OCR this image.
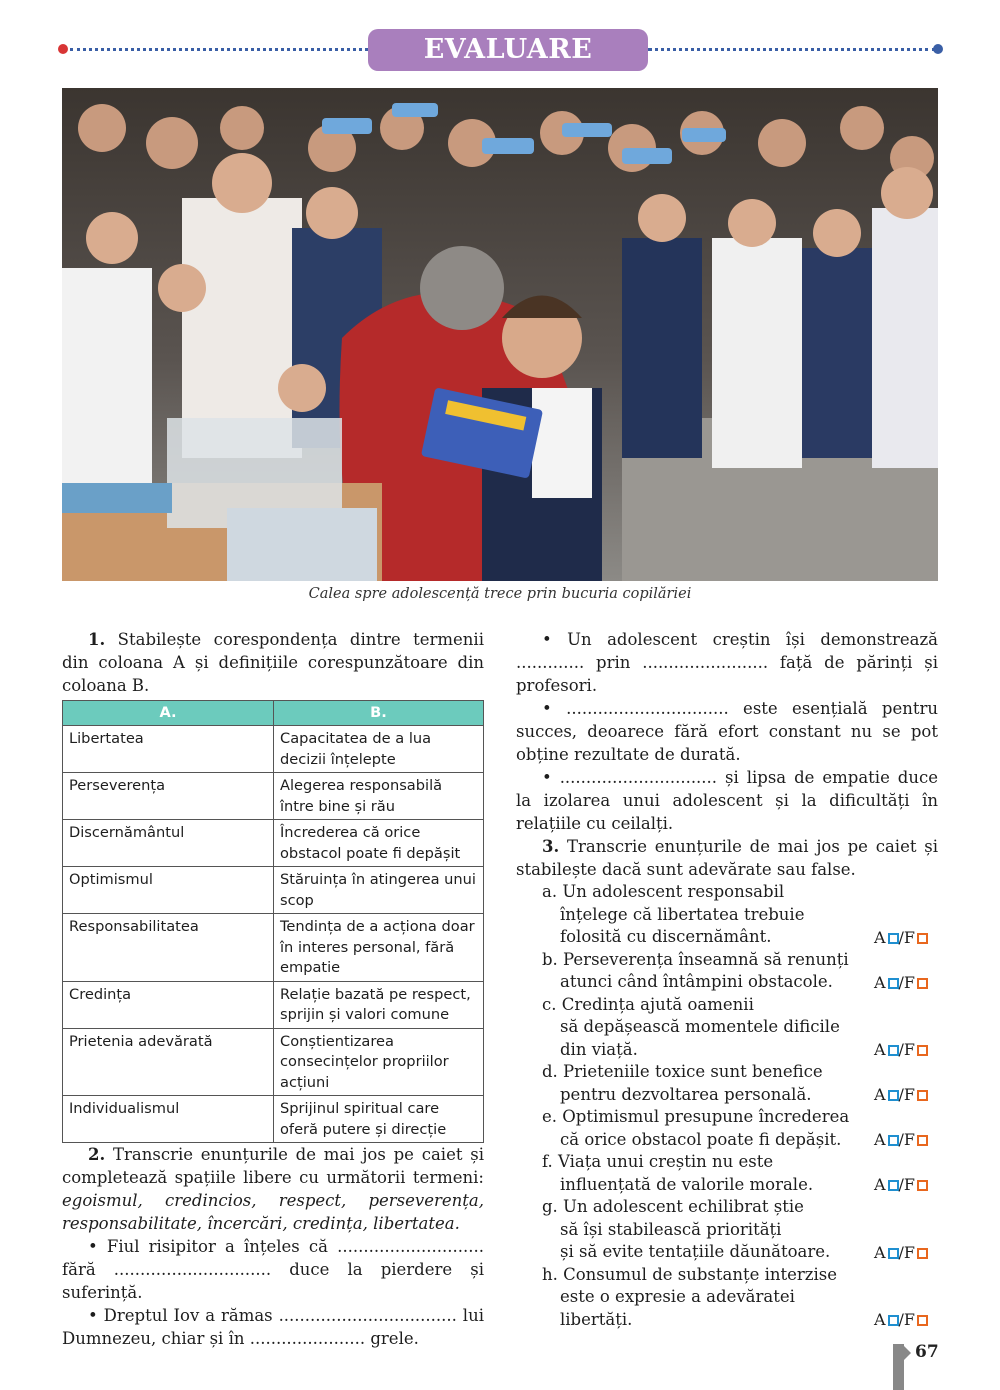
EVALUARE
Calea spre adolescență trece prin bucuria copilăriei

1. Stabilește corespondența dintre termenii din coloana A și definițiile corespunzătoare din coloana B.

A.	B.
Libertatea	Capacitatea de a lua decizii înțelepte
Perseverența	Alegerea responsabilă între bine și rău
Discernământul	Încrederea că orice obstacol poate fi depășit
Optimismul	Stăruința în atingerea unui scop
Responsabilitatea	Tendința de a acționa doar în interes personal, fără empatie
Credința	Relație bazată pe respect, sprijin și valori comune
Prietenia adevărată	Conștientizarea consecințelor propriilor acțiuni
Individualismul	Sprijinul spiritual care oferă putere și direcție

2. Transcrie enunțurile de mai jos pe caiet și completează spațiile libere cu următorii termeni: egoismul, credincios, respect, perseverența, responsabilitate, încercări, credința, libertatea.

• Fiul risipitor a înțeles că ............................ fără .............................. duce la pierdere și suferință.

• Dreptul Iov a rămas .................................. lui Dumnezeu, chiar și în ...................... grele.

• Un adolescent creștin își demonstrează ............. prin ........................ față de părinți și profesori.

• ............................... este esențială pentru succes, deoarece fără efort constant nu se pot obține rezultate de durată.

• .............................. și lipsa de empatie duce la izolarea unui adolescent și la dificultăți în relațiile cu ceilalți.

3. Transcrie enunțurile de mai jos pe caiet și stabilește dacă sunt adevărate sau false.

a. Un adolescent responsabil
înțelege că libertatea trebuie
folosită cu discernământ.	A /F
b. Perseverența înseamnă să renunți
atunci când întâmpini obstacole.	A /F
c. Credința ajută oamenii
să depășească momentele dificile
din viață.	A /F
d. Prieteniile toxice sunt benefice
pentru dezvoltarea personală.	A /F
e. Optimismul presupune încrederea
că orice obstacol poate fi depășit.	A /F
f. Viața unui creștin nu este
influențată de valorile morale.	A /F
g. Un adolescent echilibrat știe
să își stabilească priorități
și să evite tentațiile dăunătoare.	A /F
h. Consumul de substanțe interzise
este o expresie a adevăratei
libertăți.	A /F
67
